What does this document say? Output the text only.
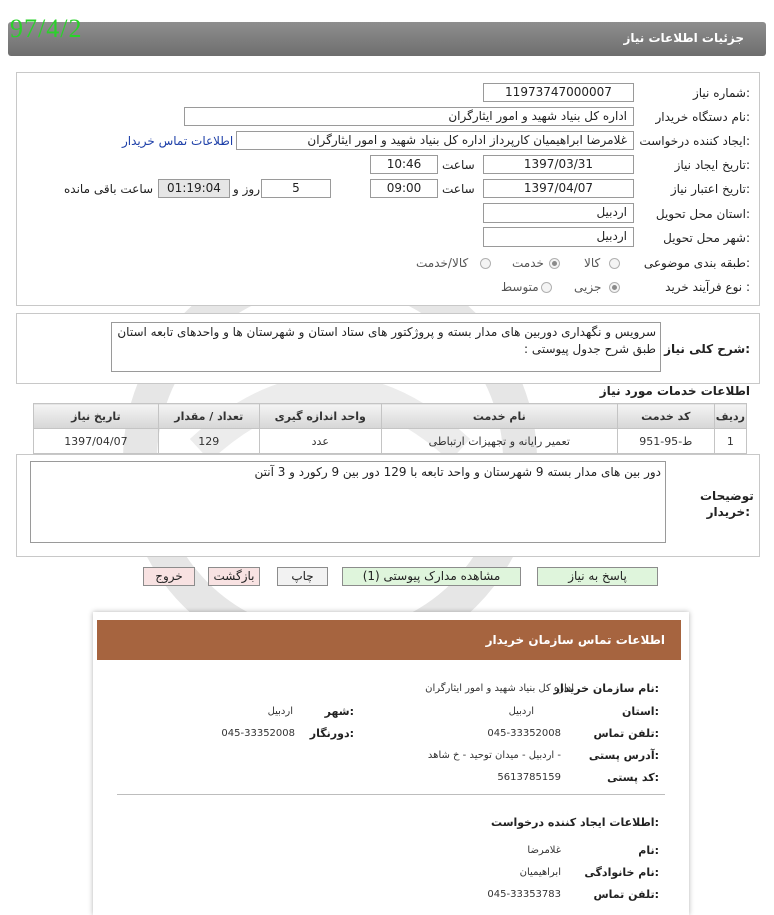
97/4/2	جزئیات اطلاعات نیاز
شماره نیاز:
11973747000007
نام دستگاه خریدار:
اداره کل بنیاد شهید و امور ایثارگران
ایجاد کننده درخواست:
غلامرضا ابراهیمیان کارپرداز اداره کل بنیاد شهید و امور ایثارگران
اطلاعات تماس خریدار
تاریخ ایجاد نیاز:
1397/03/31
ساعت
10:46
تاریخ اعتبار نیاز:
1397/04/07
ساعت
09:00
5
روز و
01:19:04
ساعت باقی مانده
استان محل تحویل:
اردبیل
شهر محل تحویل:
اردبیل
طبقه بندی موضوعی:
کالا
خدمت
کالا/خدمت
نوع فرآیند خرید :
جزیی
متوسط
شرح کلی نیاز:
سرویس و نگهداری دوربین های مدار بسته و پروژکتور های ستاد استان و شهرستان ها و واحدهای تابعه استان طبق شرح جدول پیوستی :
اطلاعات خدمات مورد نیاز
ردیف	کد خدمت	نام خدمت	واحد اندازه گیری	تعداد / مقدار	تاریخ نیاز
1	ط-95-951	تعمیر رایانه و تجهیزات ارتباطی	عدد	129	1397/04/07
توضیحات خریدار:
دور بین های مدار بسته 9 شهرستان و واحد تابعه با 129 دور بین 9 رکورد و 3 آنتن
پاسخ به نیاز
مشاهده مدارک پیوستی (1)
چاپ
بازگشت
خروج
اطلاعات تماس سازمان خریدار
نام سازمان خریدار:
اداره کل بنیاد شهید و امور ایثارگران
استان:
اردبیل
شهر:
اردبیل
تلفن تماس:
045-33352008
دورنگار:
045-33352008
آدرس پستی:
اردبیل - میدان توحید - خ شاهد -
کد پستی:
5613785159
اطلاعات ایجاد کننده درخواست:
نام:
غلامرضا
نام خانوادگی:
ابراهیمیان
تلفن تماس:
045-33353783
